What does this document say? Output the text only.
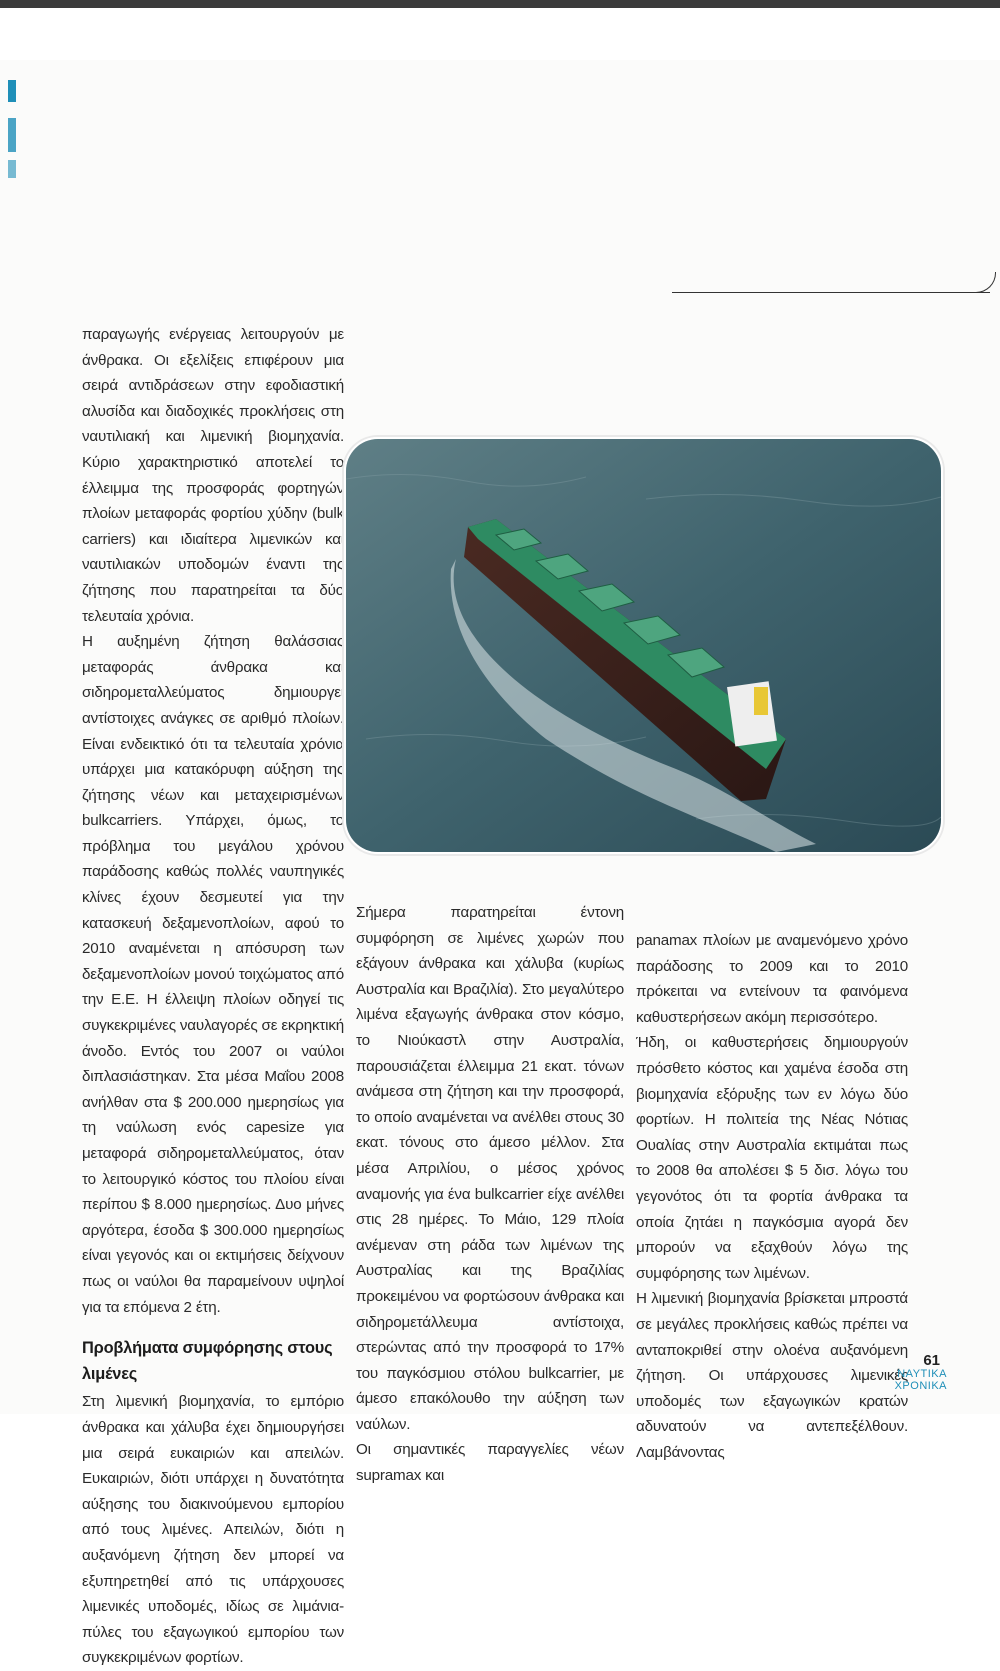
παραγωγής ενέργειας λειτουργούν με άνθρακα. Οι εξελίξεις επιφέρουν μια σειρά αντιδράσεων στην εφοδιαστική αλυσίδα και διαδοχικές προκλήσεις στη ναυτιλιακή και λιμενική βιομηχανία. Κύριο χαρακτηριστικό αποτελεί το έλλειμμα της προσφοράς φορτηγών πλοίων μεταφοράς φορτίου χύδην (bulk carriers) και ιδιαίτερα λιμενικών και ναυτιλιακών υποδομών έναντι της ζήτησης που παρατηρείται τα δύο τελευταία χρόνια.

Η αυξημένη ζήτηση θαλάσσιας μεταφοράς άνθρακα και σιδηρομεταλλεύματος δημιουργεί αντίστοιχες ανάγκες σε αριθμό πλοίων. Είναι ενδεικτικό ότι τα τελευταία χρόνια υπάρχει μια κατακόρυφη αύξηση της ζήτησης νέων και μεταχειρισμένων bulkcarriers. Υπάρχει, όμως, το πρόβλημα του μεγάλου χρόνου παράδοσης καθώς πολλές ναυπηγικές κλίνες έχουν δεσμευτεί για την κατασκευή δεξαμενοπλοίων, αφού το 2010 αναμένεται η απόσυρση των δεξαμενοπλοίων μονού τοιχώματος από την Ε.Ε. Η έλλειψη πλοίων οδηγεί τις συγκεκριμένες ναυλαγορές σε εκρηκτική άνοδο. Εντός του 2007 οι ναύλοι διπλασιάστηκαν. Στα μέσα Μαΐου 2008 ανήλθαν στα $ 200.000 ημερησίως για τη ναύλωση ενός capesize για μεταφορά σιδηρομεταλλεύματος, όταν το λειτουργικό κόστος του πλοίου είναι περίπου $ 8.000 ημερησίως. Δυο μήνες αργότερα, έσοδα $ 300.000 ημερησίως είναι γεγονός και οι εκτιμήσεις δείχνουν πως οι ναύλοι θα παραμείνουν υψηλοί για τα επόμενα 2 έτη.

Προβλήματα συμφόρησης στους λιμένες

Στη λιμενική βιομηχανία, το εμπόριο άνθρακα και χάλυβα έχει δημιουργήσει μια σειρά ευκαιριών και απειλών. Ευκαιριών, διότι υπάρχει η δυνατότητα αύξησης του διακινούμενου εμπορίου από τους λιμένες. Απειλών, διότι η αυξανόμενη ζήτηση δεν μπορεί να εξυπηρετηθεί από τις υπάρχουσες λιμενικές υποδομές, ιδίως σε λιμάνια-πύλες του εξαγωγικού εμπορίου των συγκεκριμένων φορτίων.

Σήμερα παρατηρείται έντονη συμφόρηση σε λιμένες χωρών που εξάγουν άνθρακα και χάλυβα (κυρίως Αυστραλία και Βραζιλία). Στο μεγαλύτερο λιμένα εξαγωγής άνθρακα στον κόσμο, το Νιούκαστλ στην Αυστραλία, παρουσιάζεται έλλειμμα 21 εκατ. τόνων ανάμεσα στη ζήτηση και την προσφορά, το οποίο αναμένεται να ανέλθει στους 30 εκατ. τόνους στο άμεσο μέλλον. Στα μέσα Απριλίου, ο μέσος χρόνος αναμονής για ένα bulkcarrier είχε ανέλθει στις 28 ημέρες. Το Μάιο, 129 πλοία ανέμεναν στη ράδα των λιμένων της Αυστραλίας και της Βραζιλίας προκειμένου να φορτώσουν άνθρακα και σιδηρομετάλλευμα αντίστοιχα, στερώντας από την προσφορά το 17% του παγκόσμιου στόλου bulkcarrier, με άμεσο επακόλουθο την αύξηση των ναύλων.

Οι σημαντικές παραγγελίες νέων supramax και

panamax πλοίων με αναμενόμενο χρόνο παράδοσης το 2009 και το 2010 πρόκειται να εντείνουν τα φαινόμενα καθυστερήσεων ακόμη περισσότερο.

Ήδη, οι καθυστερήσεις δημιουργούν πρόσθετο κόστος και χαμένα έσοδα στη βιομηχανία εξόρυξης των εν λόγω δύο φορτίων. Η πολιτεία της Νέας Νότιας Ουαλίας στην Αυστραλία εκτιμάται πως το 2008 θα απολέσει $ 5 δισ. λόγω του γεγονότος ότι τα φορτία άνθρακα τα οποία ζητάει η παγκόσμια αγορά δεν μπορούν να εξαχθούν λόγω της συμφόρησης των λιμένων.

Η λιμενική βιομηχανία βρίσκεται μπροστά σε μεγάλες προκλήσεις καθώς πρέπει να ανταποκριθεί στην ολοένα αυξανόμενη ζήτηση. Οι υπάρχουσες λιμενικές υποδομές των εξαγωγικών κρατών αδυνατούν να αντεπεξέλθουν. Λαμβάνοντας

61
ΝΑΥΤΙΚΑ
ΧΡΟΝΙΚΑ
